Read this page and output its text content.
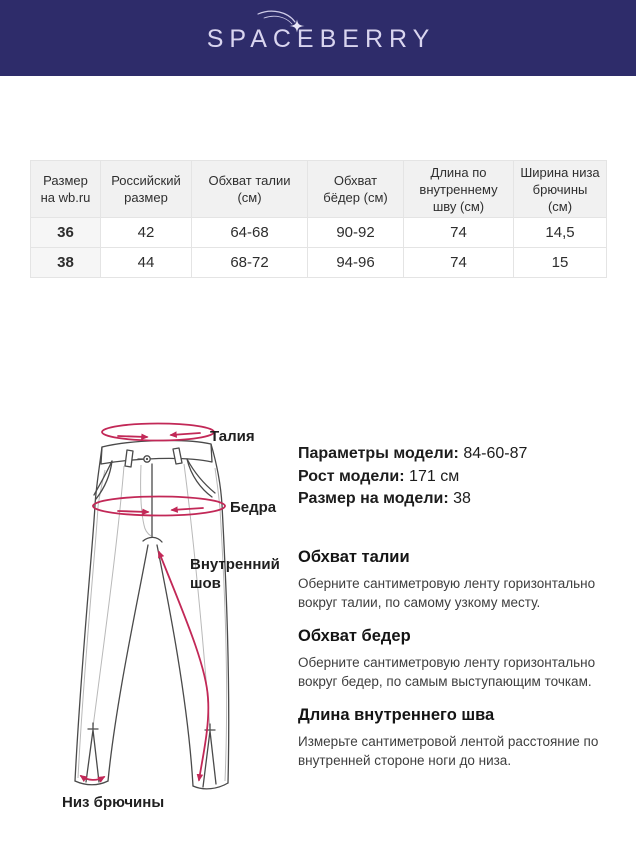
SPACEBERRY
Размер на wb.ru	Российский размер	Обхват талии (см)	Обхват бёдер (см)	Длина по внутреннему шву (см)	Ширина низа брючины (см)
36	42	64-68	90-92	74	14,5
38	44	68-72	94-96	74	15
Талия
Бедра
Внутренний шов
Низ брючины

Параметры модели: 84-60-87

Рост модели: 171 см

Размер на модели: 38

Обхват талии

Оберните сантиметровую ленту горизонтально вокруг талии, по самому узкому месту.

Обхват бедер

Оберните сантиметровую ленту горизонтально вокруг бедер, по самым выступающим точкам.

Длина внутреннего шва

Измерьте сантиметровой лентой расстояние по внутренней стороне ноги до низа.
